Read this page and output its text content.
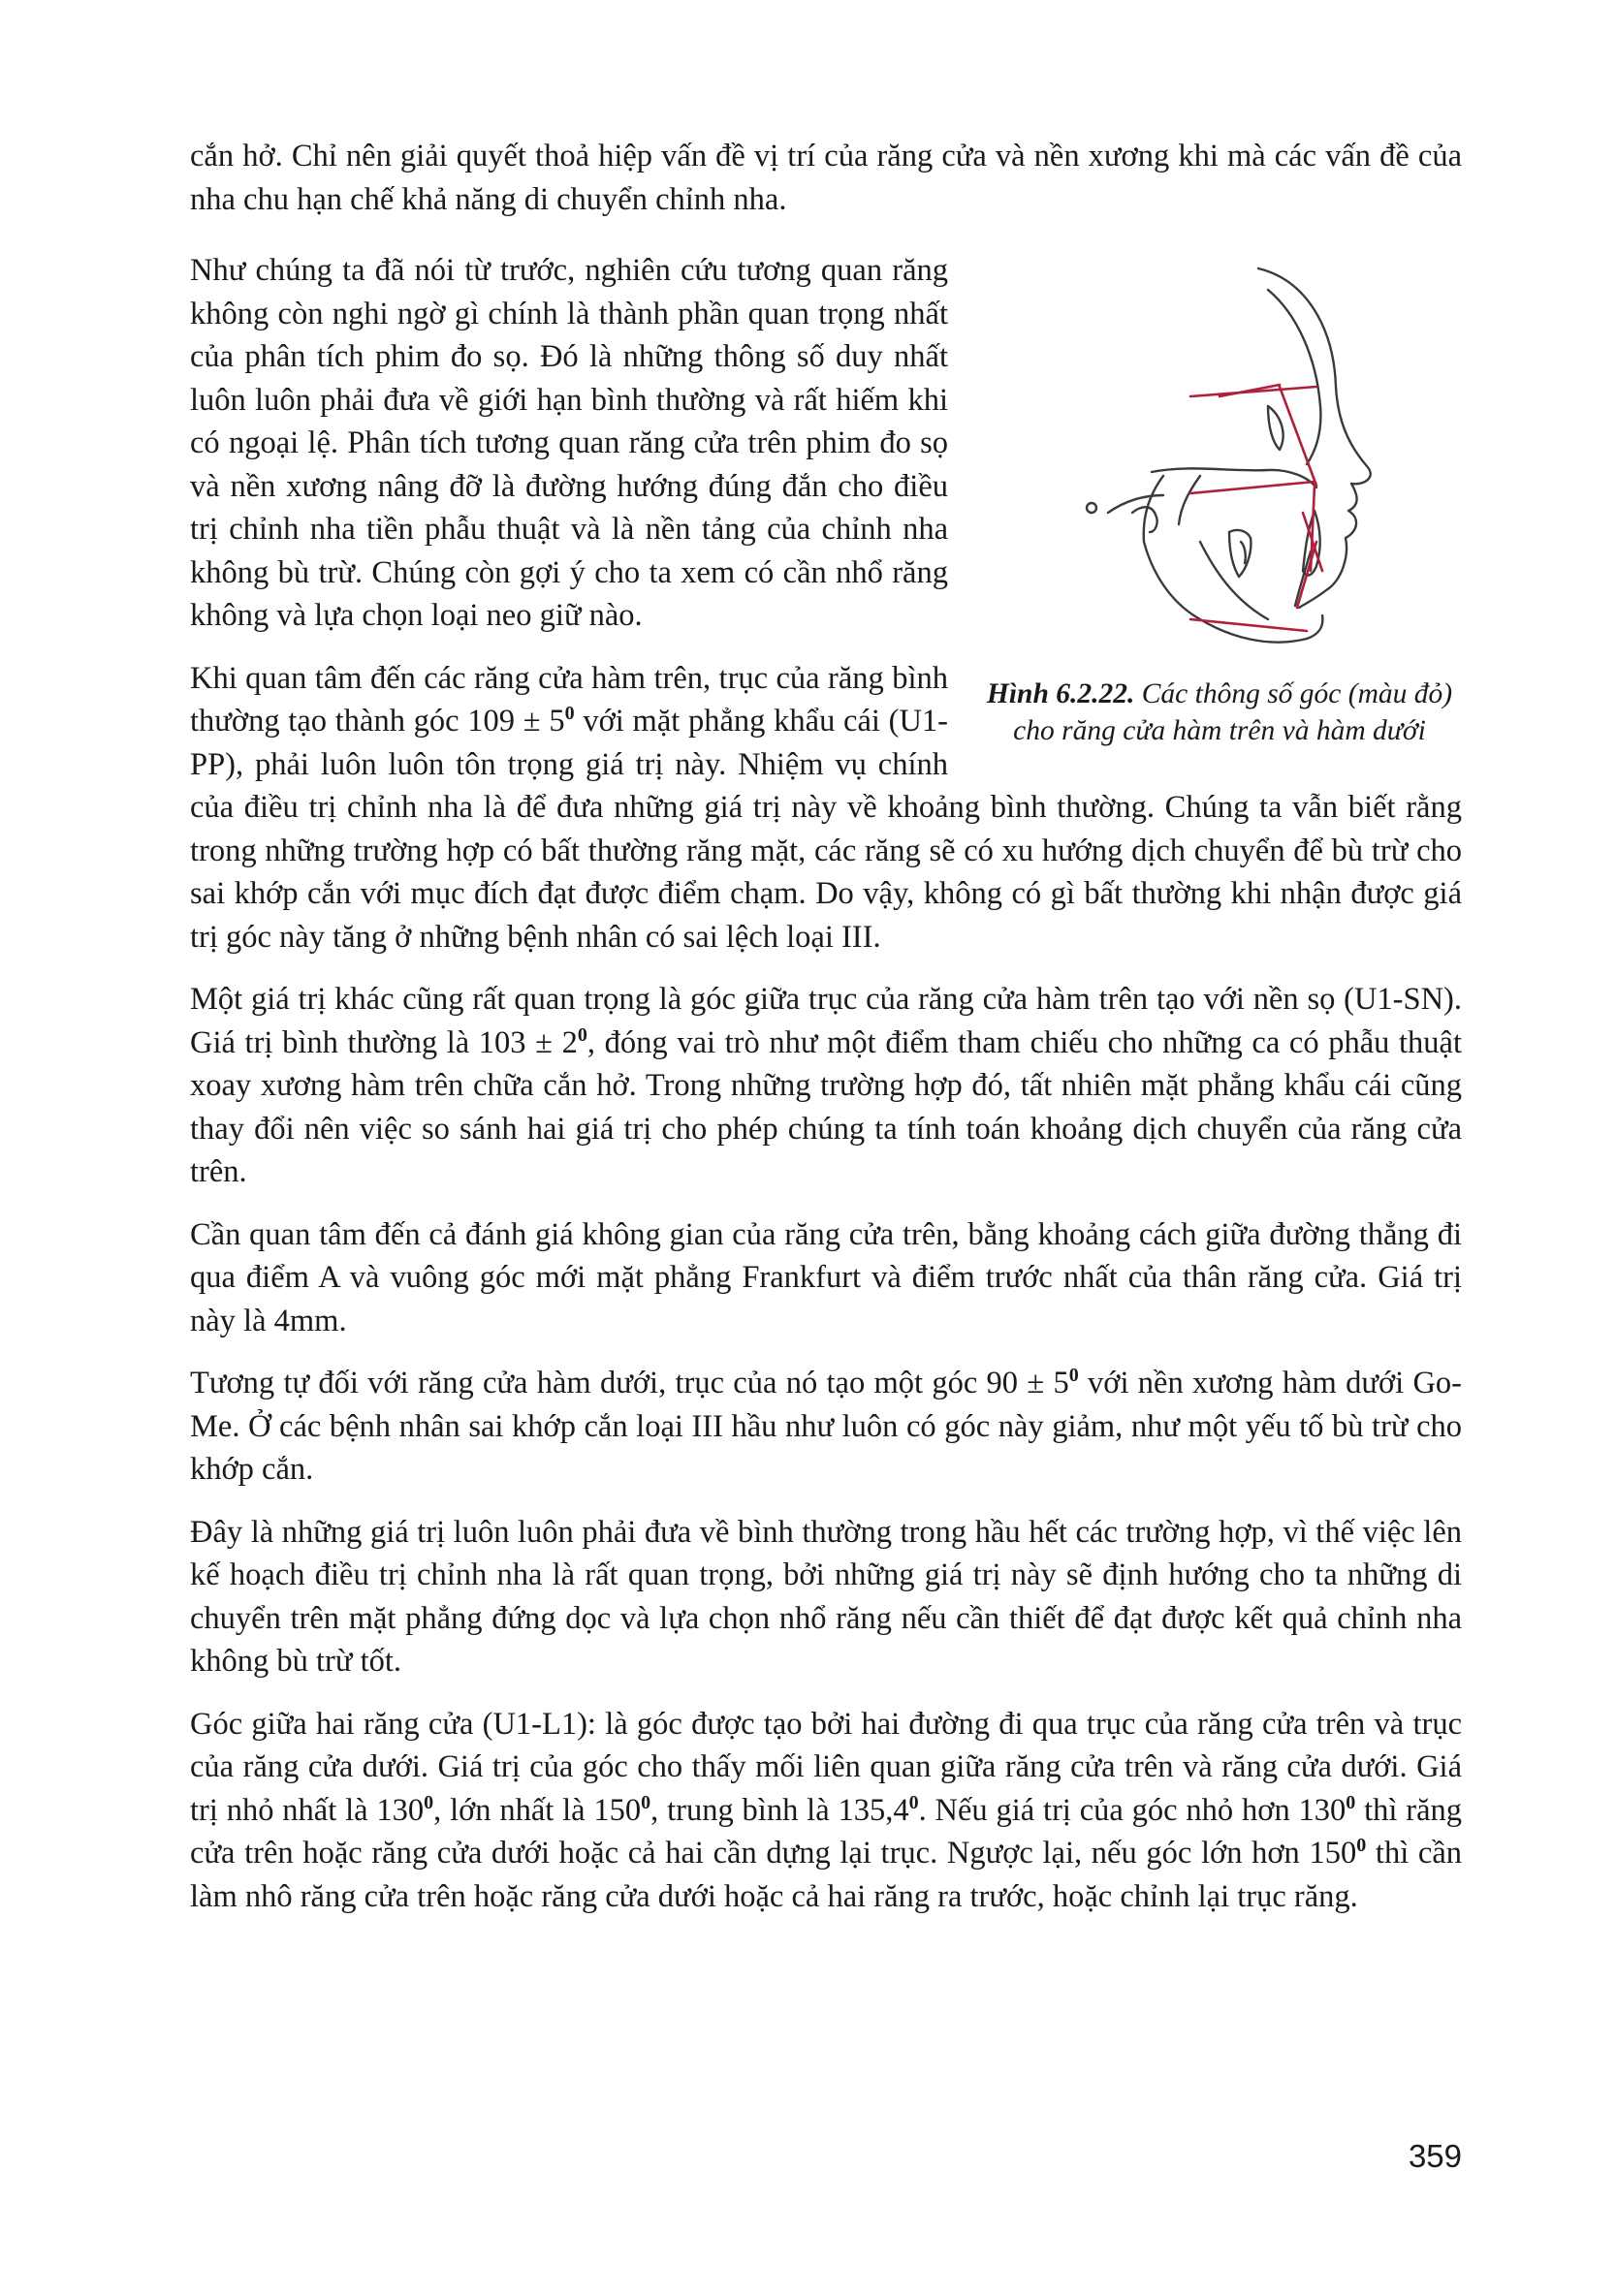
cắn hở. Chỉ nên giải quyết thoả hiệp vấn đề vị trí của răng cửa và nền xương khi mà các vấn đề của nha chu hạn chế khả năng di chuyển chỉnh nha.

Hình 6.2.22. Các thông số góc (màu đỏ) cho răng cửa hàm trên và hàm dưới

Như chúng ta đã nói từ trước, nghiên cứu tương quan răng không còn nghi ngờ gì chính là thành phần quan trọng nhất của phân tích phim đo sọ. Đó là những thông số duy nhất luôn luôn phải đưa về giới hạn bình thường và rất hiếm khi có ngoại lệ. Phân tích tương quan răng cửa trên phim đo sọ và nền xương nâng đỡ là đường hướng đúng đắn cho điều trị chỉnh nha tiền phẫu thuật và là nền tảng của chỉnh nha không bù trừ. Chúng còn gợi ý cho ta xem có cần nhổ răng không và lựa chọn loại neo giữ nào.

Khi quan tâm đến các răng cửa hàm trên, trục của răng bình thường tạo thành góc $109 \pm 5^0$ với mặt phẳng khẩu cái (U1-PP), phải luôn luôn tôn trọng giá trị này. Nhiệm vụ chính của điều trị chỉnh nha là để đưa những giá trị này về khoảng bình thường. Chúng ta vẫn biết rằng trong những trường hợp có bất thường răng mặt, các răng sẽ có xu hướng dịch chuyển để bù trừ cho sai khớp cắn với mục đích đạt được điểm chạm. Do vậy, không có gì bất thường khi nhận được giá trị góc này tăng ở những bệnh nhân có sai lệch loại III.

Một giá trị khác cũng rất quan trọng là góc giữa trục của răng cửa hàm trên tạo với nền sọ (U1-SN). Giá trị bình thường là $103 \pm 2^0$, đóng vai trò như một điểm tham chiếu cho những ca có phẫu thuật xoay xương hàm trên chữa cắn hở. Trong những trường hợp đó, tất nhiên mặt phẳng khẩu cái cũng thay đổi nên việc so sánh hai giá trị cho phép chúng ta tính toán khoảng dịch chuyển của răng cửa trên.

Cần quan tâm đến cả đánh giá không gian của răng cửa trên, bằng khoảng cách giữa đường thẳng đi qua điểm A và vuông góc mới mặt phẳng Frankfurt và điểm trước nhất của thân răng cửa. Giá trị này là 4mm.

Tương tự đối với răng cửa hàm dưới, trục của nó tạo một góc $90 \pm 5^0$ với nền xương hàm dưới Go-Me. Ở các bệnh nhân sai khớp cắn loại III hầu như luôn có góc này giảm, như một yếu tố bù trừ cho khớp cắn.

Đây là những giá trị luôn luôn phải đưa về bình thường trong hầu hết các trường hợp, vì thế việc lên kế hoạch điều trị chỉnh nha là rất quan trọng, bởi những giá trị này sẽ định hướng cho ta những di chuyển trên mặt phẳng đứng dọc và lựa chọn nhổ răng nếu cần thiết để đạt được kết quả chỉnh nha không bù trừ tốt.

Góc giữa hai răng cửa (U1-L1): là góc được tạo bởi hai đường đi qua trục của răng cửa trên và trục của răng cửa dưới. Giá trị của góc cho thấy mối liên quan giữa răng cửa trên và răng cửa dưới. Giá trị nhỏ nhất là $130^0$, lớn nhất là $150^0$, trung bình là 135,4$^0$. Nếu giá trị của góc nhỏ hơn $130^0$ thì răng cửa trên hoặc răng cửa dưới hoặc cả hai cần dựng lại trục. Ngược lại, nếu góc lớn hơn $150^0$ thì cần làm nhô răng cửa trên hoặc răng cửa dưới hoặc cả hai răng ra trước, hoặc chỉnh lại trục răng.

359
